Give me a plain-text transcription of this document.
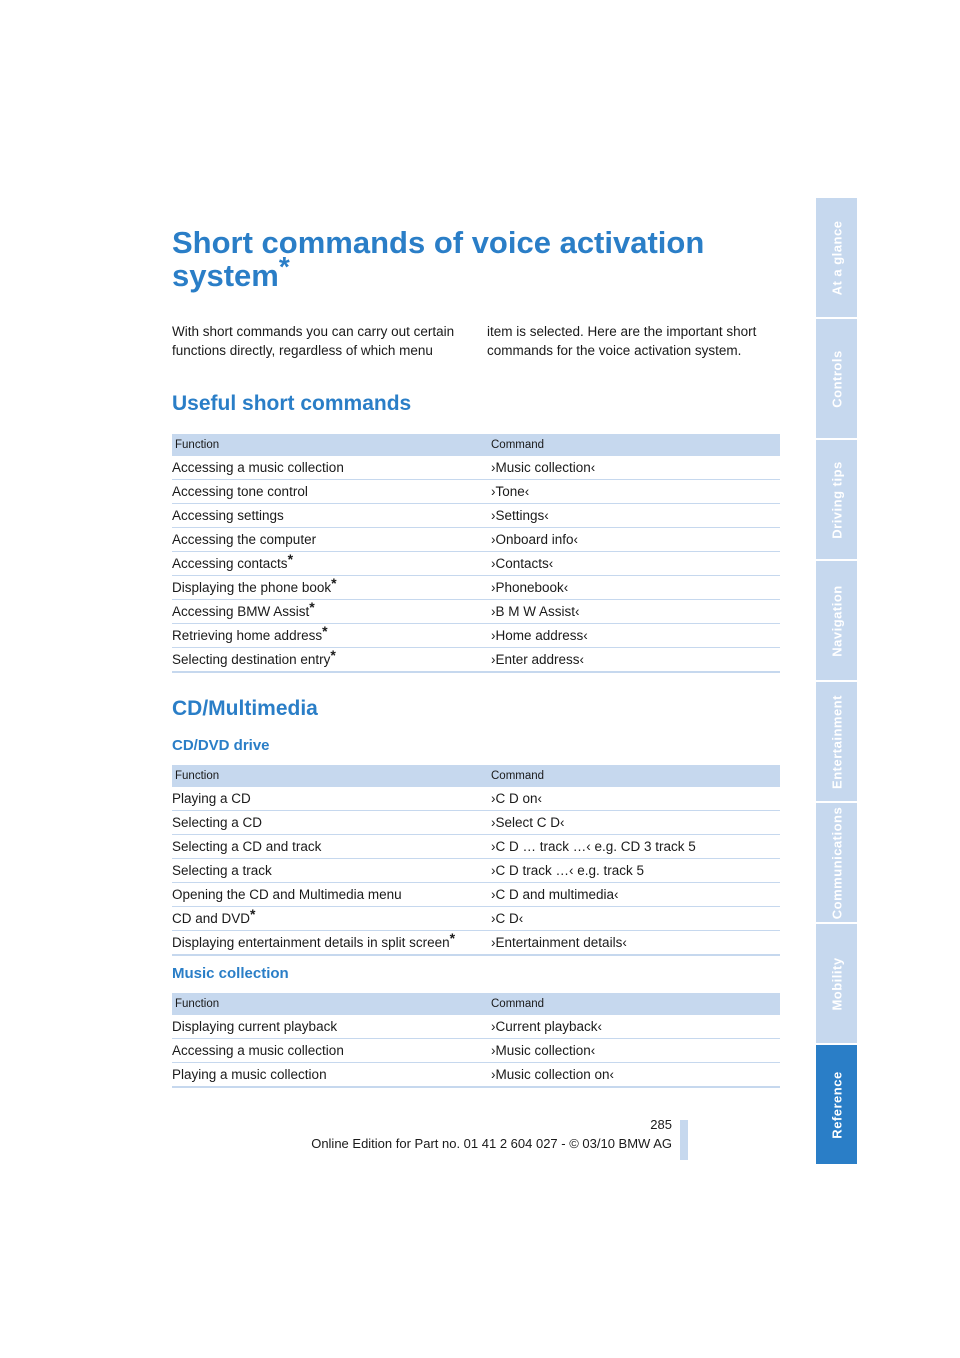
Short commands of voice activation system*

With short commands you can carry out certain functions directly, regardless of which menu

item is selected. Here are the important short commands for the voice activation system.

Useful short commands
Function	Command
Accessing a music collection	›Music collection‹
Accessing tone control	›Tone‹
Accessing settings	›Settings‹
Accessing the computer	›Onboard info‹
Accessing contacts*	›Contacts‹
Displaying the phone book*	›Phonebook‹
Accessing BMW Assist*	›B M W Assist‹
Retrieving home address*	›Home address‹
Selecting destination entry*	›Enter address‹
CD/Multimedia
CD/DVD drive
Function	Command
Playing a CD	›C D on‹
Selecting a CD	›Select C D‹
Selecting a CD and track	›C D … track …‹ e.g. CD 3 track 5
Selecting a track	›C D track …‹ e.g. track 5
Opening the CD and Multimedia menu	›C D and multimedia‹
CD and DVD*	›C D‹
Displaying entertainment details in split screen*	›Entertainment details‹
Music collection
Function	Command
Displaying current playback	›Current playback‹
Accessing a music collection	›Music collection‹
Playing a music collection	›Music collection on‹
At a glance
Controls
Driving tips
Navigation
Entertainment
Communications
Mobility
Reference
285
Online Edition for Part no. 01 41 2 604 027 - © 03/10 BMW AG
